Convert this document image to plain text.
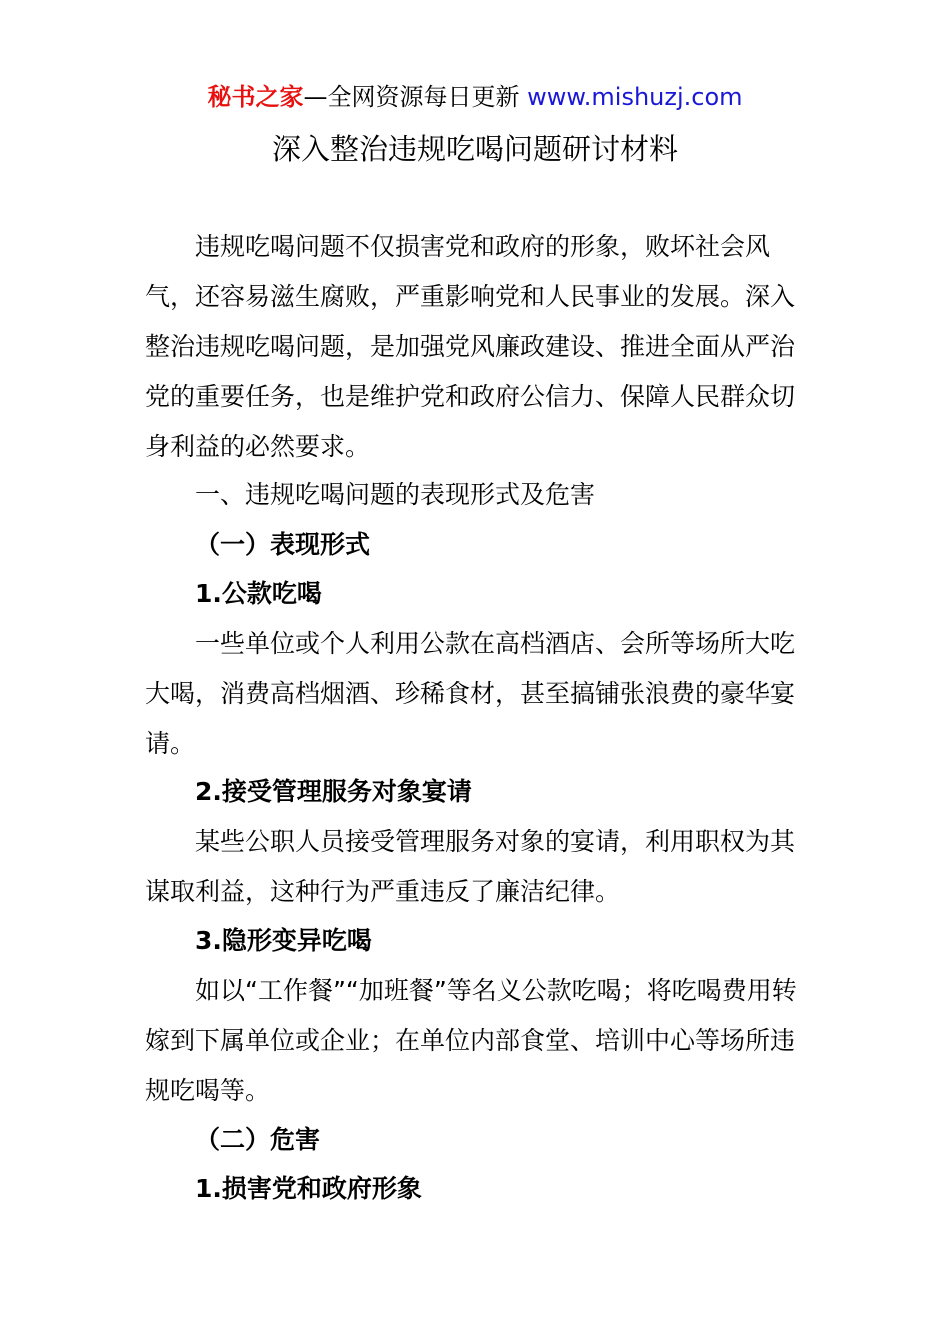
秘书之家—全网资源每日更新 www.mishuzj.com
深入整治违规吃喝问题研讨材料

违规吃喝问题不仅损害党和政府的形象，败坏社会风气，还容易滋生腐败，严重影响党和人民事业的发展。深入整治违规吃喝问题，是加强党风廉政建设、推进全面从严治党的重要任务，也是维护党和政府公信力、保障人民群众切身利益的必然要求。

一、违规吃喝问题的表现形式及危害

（一）表现形式

1.公款吃喝

一些单位或个人利用公款在高档酒店、会所等场所大吃大喝，消费高档烟酒、珍稀食材，甚至搞铺张浪费的豪华宴请。

2.接受管理服务对象宴请

某些公职人员接受管理服务对象的宴请，利用职权为其谋取利益，这种行为严重违反了廉洁纪律。

3.隐形变异吃喝

如以“工作餐”“加班餐”等名义公款吃喝；将吃喝费用转嫁到下属单位或企业；在单位内部食堂、培训中心等场所违规吃喝等。

（二）危害

1.损害党和政府形象
